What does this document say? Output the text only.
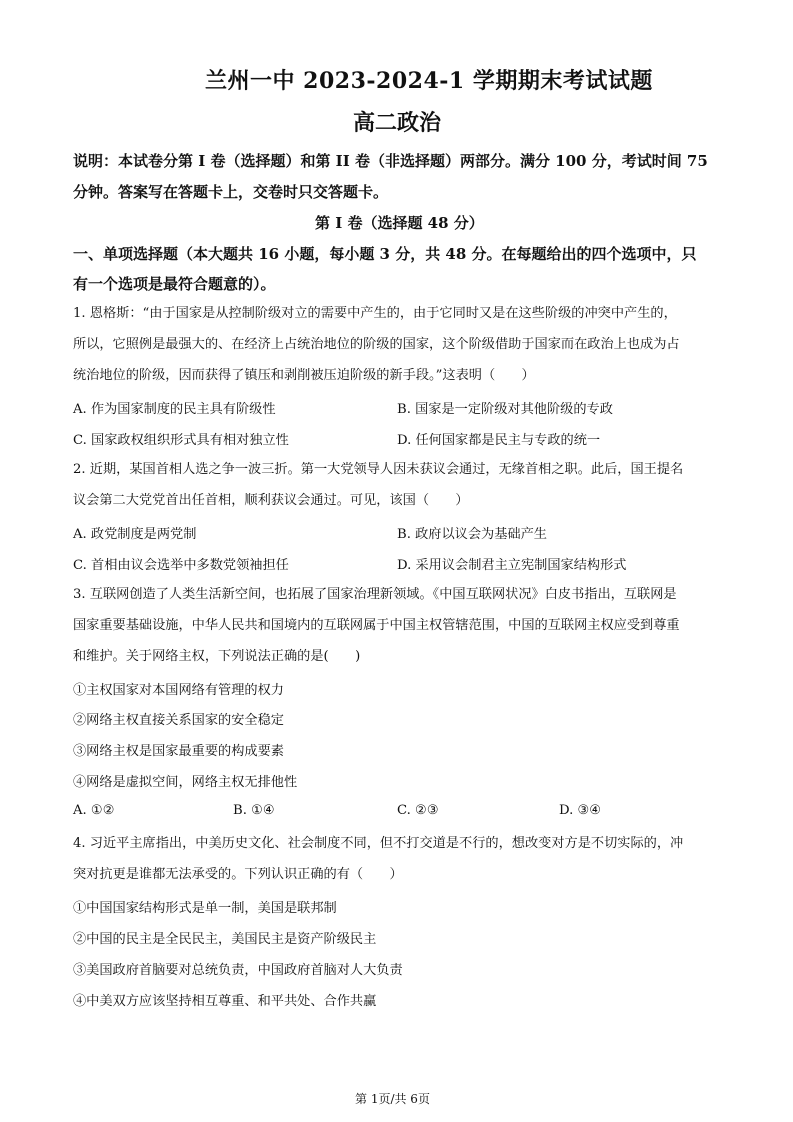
兰州一中 2023-2024-1 学期期末考试试题
高二政治
说明：本试卷分第 I 卷（选择题）和第 II 卷（非选择题）两部分。满分 100 分，考试时间 75
分钟。答案写在答题卡上，交卷时只交答题卡。
第 I 卷（选择题 48 分）
一、单项选择题（本大题共 16 小题，每小题 3 分，共 48 分。在每题给出的四个选项中，只
有一个选项是最符合题意的）。
1. 恩格斯：“由于国家是从控制阶级对立的需要中产生的，由于它同时又是在这些阶级的冲突中产生的，
所以，它照例是最强大的、在经济上占统治地位的阶级的国家，这个阶级借助于国家而在政治上也成为占
统治地位的阶级，因而获得了镇压和剥削被压迫阶级的新手段。”这表明（　　）
A. 作为国家制度的民主具有阶级性	B. 国家是一定阶级对其他阶级的专政
C. 国家政权组织形式具有相对独立性	D. 任何国家都是民主与专政的统一
2. 近期，某国首相人选之争一波三折。第一大党领导人因未获议会通过，无缘首相之职。此后，国王提名
议会第二大党党首出任首相，顺利获议会通过。可见，该国（　　）
A. 政党制度是两党制	B. 政府以议会为基础产生
C. 首相由议会选举中多数党领袖担任	D. 采用议会制君主立宪制国家结构形式
3. 互联网创造了人类生活新空间，也拓展了国家治理新领域。《中国互联网状况》白皮书指出，互联网是
国家重要基础设施，中华人民共和国境内的互联网属于中国主权管辖范围，中国的互联网主权应受到尊重
和维护。关于网络主权，下列说法正确的是(　　)
①主权国家对本国网络有管理的权力
②网络主权直接关系国家的安全稳定
③网络主权是国家最重要的构成要素
④网络是虚拟空间，网络主权无排他性
A. ①②	B. ①④	C. ②③	D. ③④
4. 习近平主席指出，中美历史文化、社会制度不同，但不打交道是不行的，想改变对方是不切实际的，冲
突对抗更是谁都无法承受的。下列认识正确的有（　　）
①中国国家结构形式是单一制，美国是联邦制
②中国的民主是全民民主，美国民主是资产阶级民主
③美国政府首脑要对总统负责，中国政府首脑对人大负责
④中美双方应该坚持相互尊重、和平共处、合作共赢
第 1页/共 6页
